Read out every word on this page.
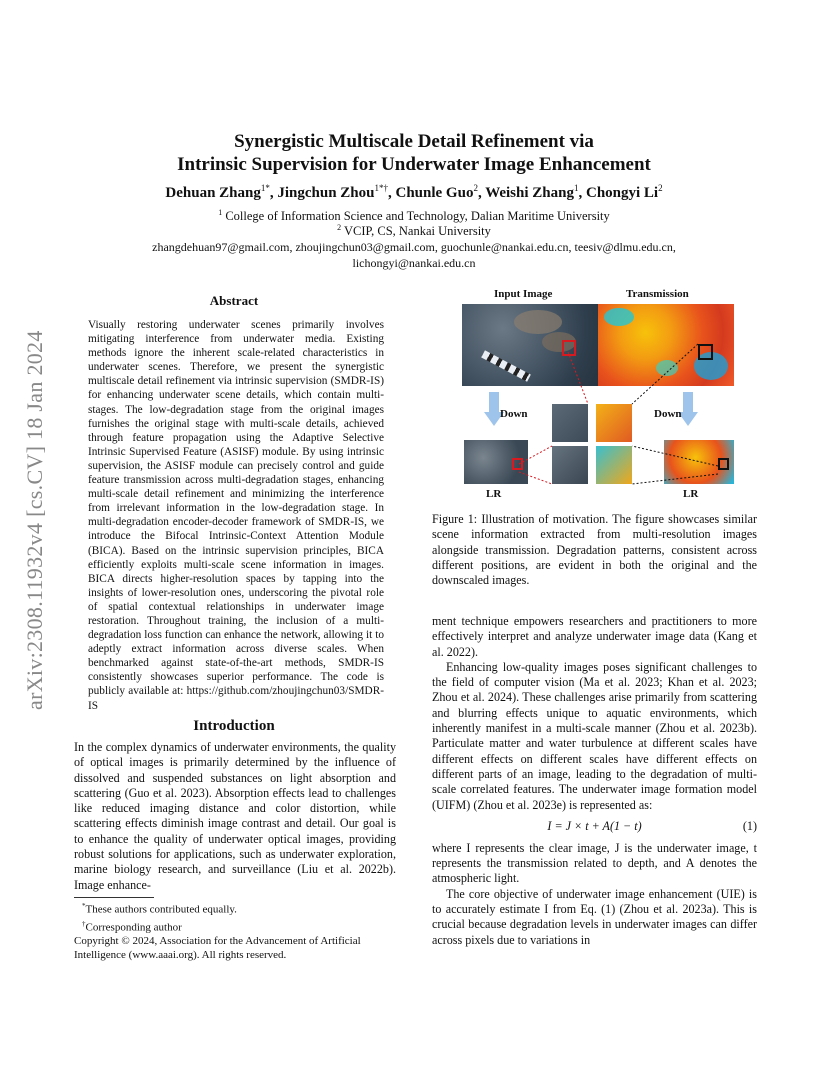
arXiv:2308.11932v4 [cs.CV] 18 Jan 2024
Synergistic Multiscale Detail Refinement via
Intrinsic Supervision for Underwater Image Enhancement
Dehuan Zhang$^{1*}$, Jingchun Zhou$^{1*\dagger}$, Chunle Guo$^2$, Weishi Zhang$^1$, Chongyi Li$^2$
$^1$ College of Information Science and Technology, Dalian Maritime University
$^2$ VCIP, CS, Nankai University
zhangdehuan97@gmail.com, zhoujingchun03@gmail.com, guochunle@nankai.edu.cn, teesiv@dlmu.edu.cn,
lichongyi@nankai.edu.cn
Abstract

Visually restoring underwater scenes primarily involves mitigating interference from underwater media. Existing methods ignore the inherent scale-related characteristics in underwater scenes. Therefore, we present the synergistic multiscale detail refinement via intrinsic supervision (SMDR-IS) for enhancing underwater scene details, which contain multi-stages. The low-degradation stage from the original images furnishes the original stage with multi-scale details, achieved through feature propagation using the Adaptive Selective Intrinsic Supervised Feature (ASISF) module. By using intrinsic supervision, the ASISF module can precisely control and guide feature transmission across multi-degradation stages, enhancing multi-scale detail refinement and minimizing the interference from irrelevant information in the low-degradation stage. In multi-degradation encoder-decoder framework of SMDR-IS, we introduce the Bifocal Intrinsic-Context Attention Module (BICA). Based on the intrinsic supervision principles, BICA efficiently exploits multi-scale scene information in images. BICA directs higher-resolution spaces by tapping into the insights of lower-resolution ones, underscoring the pivotal role of spatial contextual relationships in underwater image restoration. Throughout training, the inclusion of a multi-degradation loss function can enhance the network, allowing it to adeptly extract information across diverse scales. When benchmarked against state-of-the-art methods, SMDR-IS consistently showcases superior performance. The code is publicly available at: https://github.com/zhoujingchun03/SMDR-IS

Introduction

In the complex dynamics of underwater environments, the quality of optical images is primarily determined by the influence of dissolved and suspended substances on light absorption and scattering (Guo et al. 2023). Absorption effects lead to challenges like reduced imaging distance and color distortion, while scattering effects diminish image contrast and detail. Our goal is to enhance the quality of underwater optical images, providing robust solutions for applications, such as underwater exploration, marine biology research, and surveillance (Liu et al. 2022b). Image enhance-

*These authors contributed equally.

†Corresponding author

Copyright © 2024, Association for the Advancement of Artificial Intelligence (www.aaai.org). All rights reserved.

Input Image	Transmission
Down	Down
LR	LR

Figure 1: Illustration of motivation. The figure showcases similar scene information extracted from multi-resolution images alongside transmission. Degradation patterns, consistent across different positions, are evident in both the original and the downscaled images.

ment technique empowers researchers and practitioners to more effectively interpret and analyze underwater image data (Kang et al. 2022).

Enhancing low-quality images poses significant challenges to the field of computer vision (Ma et al. 2023; Khan et al. 2023; Zhou et al. 2024). These challenges arise primarily from scattering and blurring effects unique to aquatic environments, which inherently manifest in a multi-scale manner (Zhou et al. 2023b). Particulate matter and water turbulence at different scales have different effects on different scales have different effects on different parts of an image, leading to the degradation of multi-scale correlated features. The underwater image formation model (UIFM) (Zhou et al. 2023e) is represented as:

I = J × t + A(1 − t)	(1)

where I represents the clear image, J is the underwater image, t represents the transmission related to depth, and A denotes the atmospheric light.

The core objective of underwater image enhancement (UIE) is to accurately estimate I from Eq. (1) (Zhou et al. 2023a). This is crucial because degradation levels in underwater images can differ across pixels due to variations in
